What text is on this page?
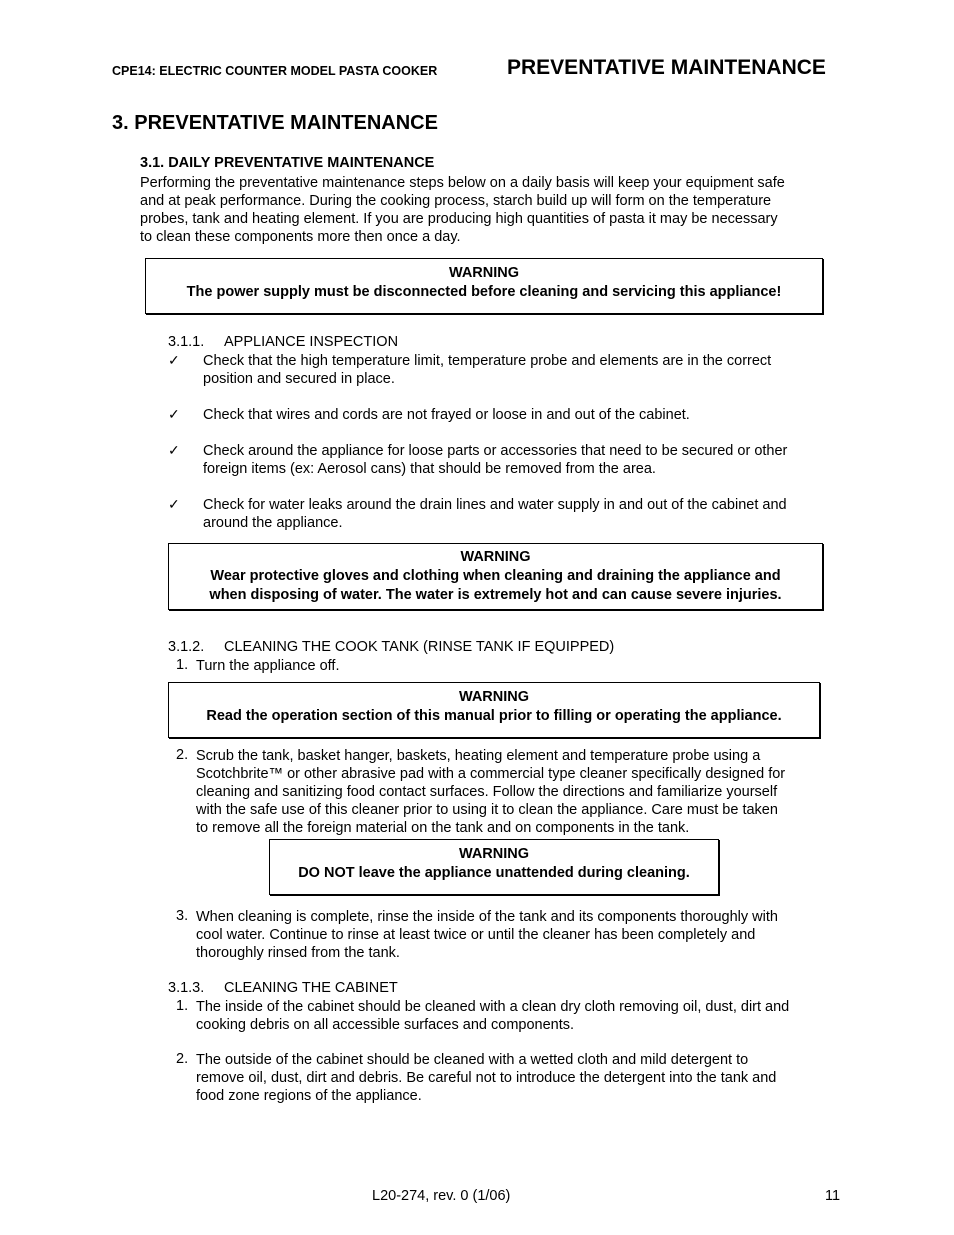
CPE14: ELECTRIC COUNTER MODEL PASTA COOKER	PREVENTATIVE MAINTENANCE
3. PREVENTATIVE MAINTENANCE
3.1. DAILY PREVENTATIVE MAINTENANCE
Performing the preventative maintenance steps below on a daily basis will keep your equipment safe
and at peak performance. During the cooking process, starch build up will form on the temperature
probes, tank and heating element. If you are producing high quantities of pasta it may be necessary
to clean these components more then once a day.
WARNING
The power supply must be disconnected before cleaning and servicing this appliance!
3.1.1. APPLIANCE INSPECTION
✓ Check that the high temperature limit, temperature probe and elements are in the correct
position and secured in place.
✓ Check that wires and cords are not frayed or loose in and out of the cabinet.
✓ Check around the appliance for loose parts or accessories that need to be secured or other
foreign items (ex: Aerosol cans) that should be removed from the area.
✓ Check for water leaks around the drain lines and water supply in and out of the cabinet and
around the appliance.
WARNING
Wear protective gloves and clothing when cleaning and draining the appliance and
when disposing of water. The water is extremely hot and can cause severe injuries.
3.1.2. CLEANING THE COOK TANK (RINSE TANK IF EQUIPPED)
1. Turn the appliance off.
WARNING
Read the operation section of this manual prior to filling or operating the appliance.
2. Scrub the tank, basket hanger, baskets, heating element and temperature probe using a
Scotchbrite™ or other abrasive pad with a commercial type cleaner specifically designed for
cleaning and sanitizing food contact surfaces. Follow the directions and familiarize yourself
with the safe use of this cleaner prior to using it to clean the appliance. Care must be taken
to remove all the foreign material on the tank and on components in the tank.
WARNING
DO NOT leave the appliance unattended during cleaning.
3. When cleaning is complete, rinse the inside of the tank and its components thoroughly with
cool water. Continue to rinse at least twice or until the cleaner has been completely and
thoroughly rinsed from the tank.
3.1.3. CLEANING THE CABINET
1. The inside of the cabinet should be cleaned with a clean dry cloth removing oil, dust, dirt and
cooking debris on all accessible surfaces and components.
2. The outside of the cabinet should be cleaned with a wetted cloth and mild detergent to
remove oil, dust, dirt and debris. Be careful not to introduce the detergent into the tank and
food zone regions of the appliance.
L20-274, rev. 0 (1/06)	11
